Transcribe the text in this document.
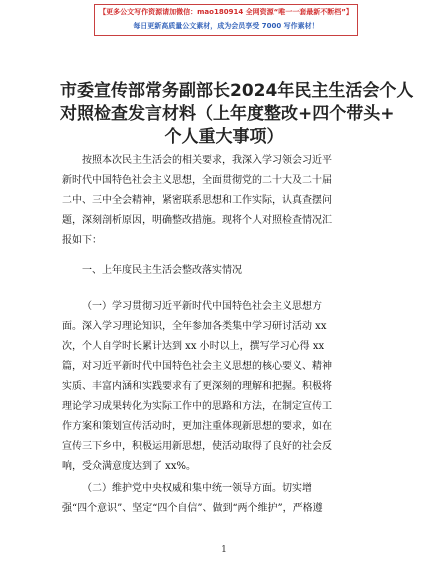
【更多公文写作资源请加微信：mao180914 全网资源“唯一一套最新不断档”】
每日更新高质量公文素材，成为会员享受 7000 写作素材！
市委宣传部常务副部长2024年民主生活会个人
对照检查发言材料（上年度整改+四个带头+
个人重大事项）
按照本次民主生活会的相关要求，我深入学习领会习近平
新时代中国特色社会主义思想，全面贯彻党的二十大及二十届
二中、三中全会精神，紧密联系思想和工作实际，认真查摆问
题，深刻剖析原因，明确整改措施。现将个人对照检查情况汇
报如下：
一、上年度民主生活会整改落实情况
（一）学习贯彻习近平新时代中国特色社会主义思想方
面。深入学习理论知识，全年参加各类集中学习研讨活动 xx
次，个人自学时长累计达到 xx 小时以上，撰写学习心得 xx
篇，对习近平新时代中国特色社会主义思想的核心要义、精神
实质、丰富内涵和实践要求有了更深刻的理解和把握。积极将
理论学习成果转化为实际工作中的思路和方法，在制定宣传工
作方案和策划宣传活动时，更加注重体现新思想的要求，如在
宣传三下乡中，积极运用新思想，使活动取得了良好的社会反
响，受众满意度达到了 xx%。
（二）维护党中央权威和集中统一领导方面。切实增
强“四个意识”、坚定“四个自信”、做到“两个维护”，严格遵
1
